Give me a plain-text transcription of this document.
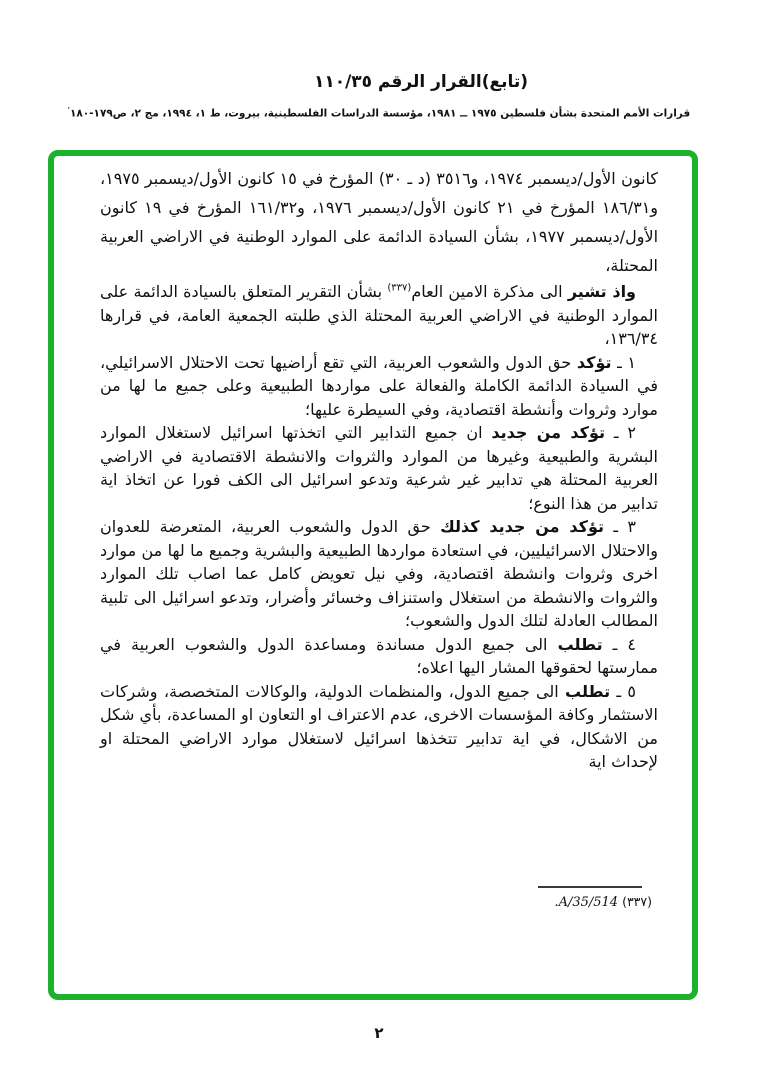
(تابع)القرار الرقم ١١٠/٣٥
قرارات الأمم المتحدة بشأن فلسطين ١٩٧٥ ــ ١٩٨١، مؤسسة الدراسات الفلسطينية، بيروت، ط ١، ١٩٩٤، مج ٢، ص١٧٩-١٨٠'

كانون الأول/ديسمبر ١٩٧٤، و٣٥١٦ (د ـ ٣٠) المؤرخ في ١٥ كانون الأول/ديسمبر ١٩٧٥، و١٨٦/٣١ المؤرخ في ٢١ كانون الأول/ديسمبر ١٩٧٦، و١٦١/٣٢ المؤرخ في ١٩ كانون الأول/ديسمبر ١٩٧٧، بشأن السيادة الدائمة على الموارد الوطنية في الاراضي العربية المحتلة،

واذ تشير الى مذكرة الامين العام$^{(٣٣٧)}$ بشأن التقرير المتعلق بالسيادة الدائمة على الموارد الوطنية في الاراضي العربية المحتلة الذي طلبته الجمعية العامة، في قرارها ١٣٦/٣٤،

١ ـ تؤكد حق الدول والشعوب العربية، التي تقع أراضيها تحت الاحتلال الاسرائيلي، في السيادة الدائمة الكاملة والفعالة على مواردها الطبيعية وعلى جميع ما لها من موارد وثروات وأنشطة اقتصادية، وفي السيطرة عليها؛

٢ ـ تؤكد من جديد ان جميع التدابير التي اتخذتها اسرائيل لاستغلال الموارد البشرية والطبيعية وغيرها من الموارد والثروات والانشطة الاقتصادية في الاراضي العربية المحتلة هي تدابير غير شرعية وتدعو اسرائيل الى الكف فورا عن اتخاذ اية تدابير من هذا النوع؛

٣ ـ تؤكد من جديد كذلك حق الدول والشعوب العربية، المتعرضة للعدوان والاحتلال الاسرائيليين، في استعادة مواردها الطبيعية والبشرية وجميع ما لها من موارد اخرى وثروات وانشطة اقتصادية، وفي نيل تعويض كامل عما اصاب تلك الموارد والثروات والانشطة من استغلال واستنزاف وخسائر وأضرار، وتدعو اسرائيل الى تلبية المطالب العادلة لتلك الدول والشعوب؛

٤ ـ تطلب الى جميع الدول مساندة ومساعدة الدول والشعوب العربية في ممارستها لحقوقها المشار اليها اعلاه؛

٥ ـ تطلب الى جميع الدول، والمنظمات الدولية، والوكالات المتخصصة، وشركات الاستثمار وكافة المؤسسات الاخرى، عدم الاعتراف او التعاون او المساعدة، بأي شكل من الاشكال، في اية تدابير تتخذها اسرائيل لاستغلال موارد الاراضي المحتلة او لإحداث اية

(٣٣٧) A/35/514.
٢
